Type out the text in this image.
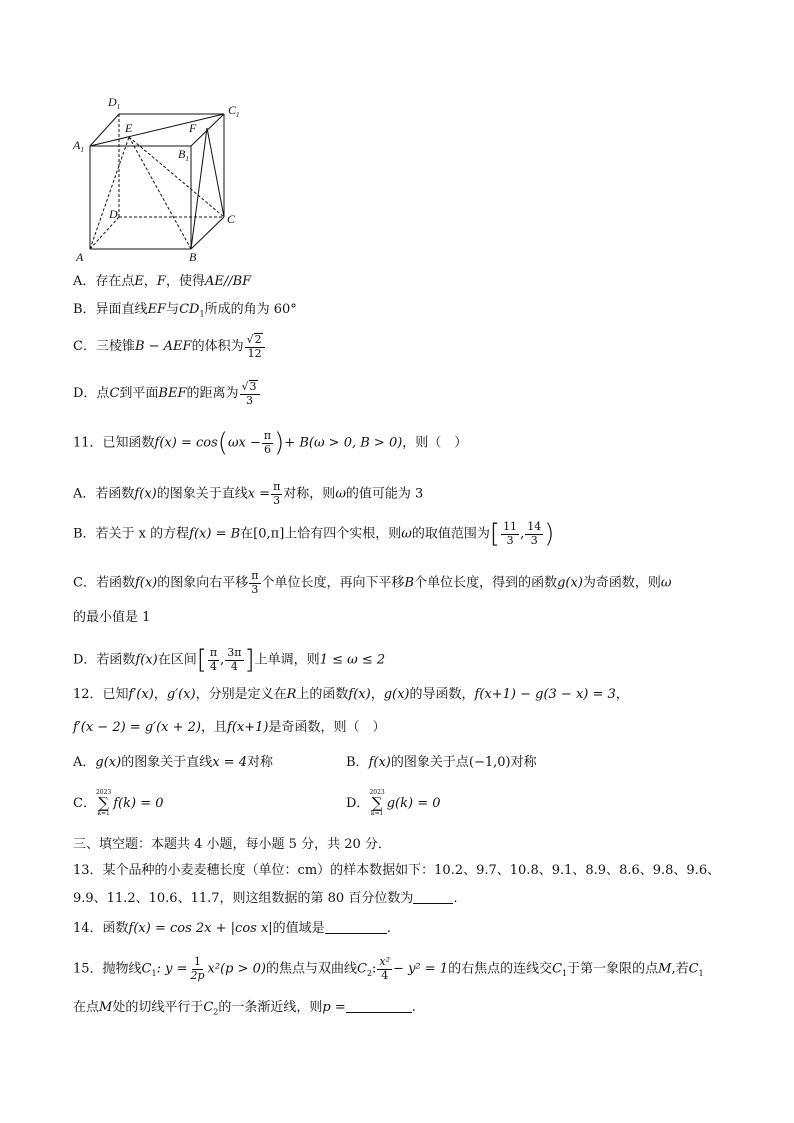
$D_1$	$C_1$
$A_1$	$B_1$
E	F
D	C
A	B
A．存在点E，F，使得AE//BF
B．异面直线EF与$CD_1$所成的角为 60°
C．三棱锥B − AEF的体积为 $\frac{√ 2}{12}$
D．点C到平面BEF的距离为 $\frac{√ 3}{3}$
11．已知函数$f(x) = \cos(\omega x - \frac{\pi}{6}$ )+ B(ω > 0, B > 0)，则（　）
A．若函数f(x)的图象关于直线$x = \frac{\pi}{3}$ 对称，则ω的值可能为 3
B．若关于 x 的方程f(x) = B在[0,π]上恰有四个实根，则ω的取值范围为[ $\frac{11}{3}$ , $\frac{14}{3}$ )
C．若函数f(x)的图象向右平移 $\frac{\pi}{3}$ 个单位长度，再向下平移B个单位长度，得到的函数g(x)为奇函数，则ω
的最小值是 1
D．若函数f(x)在区间[ $\frac{\pi}{4}$ , $\frac{3\pi}{4}$ ]上单调，则1 ≤ ω ≤ 2
12．已知f′(x)，g′(x)，分别是定义在R上的函数f(x)，g(x)的导函数，f(x+1) − g(3 − x) = 3，
f′(x − 2) = g′(x + 2)，且f(x+1)是奇函数，则（　）
A．g(x)的图象关于直线x = 4对称	B．f(x)的图象关于点(−1,0)对称
C．
2023
∑
k=1
f(k) = 0	D．
2023
∑
k=1
g(k) = 0
三、填空题：本题共 4 小题，每小题 5 分，共 20 分．
13．某个品种的小麦麦穗长度（单位：cm）的样本数据如下：10.2、9.7、10.8、9.1、8.9、8.6、9.8、9.6、
9.9、11.2、10.6、11.7，则这组数据的第 80 百分位数为	.
14．函数f(x) = cos 2x + |cos x|的值域是	.
15．抛物线$C_1$: $y = \frac{1}{2p} x^2(p > 0)$的焦点与双曲线$C_2$: $\frac{\text{x²}}{4} - y^2 = 1$的右焦点的连线交$C_1$于第一象限的点M,若$C_1$
在点M处的切线平行于$C_2$的一条渐近线，则p =	.
